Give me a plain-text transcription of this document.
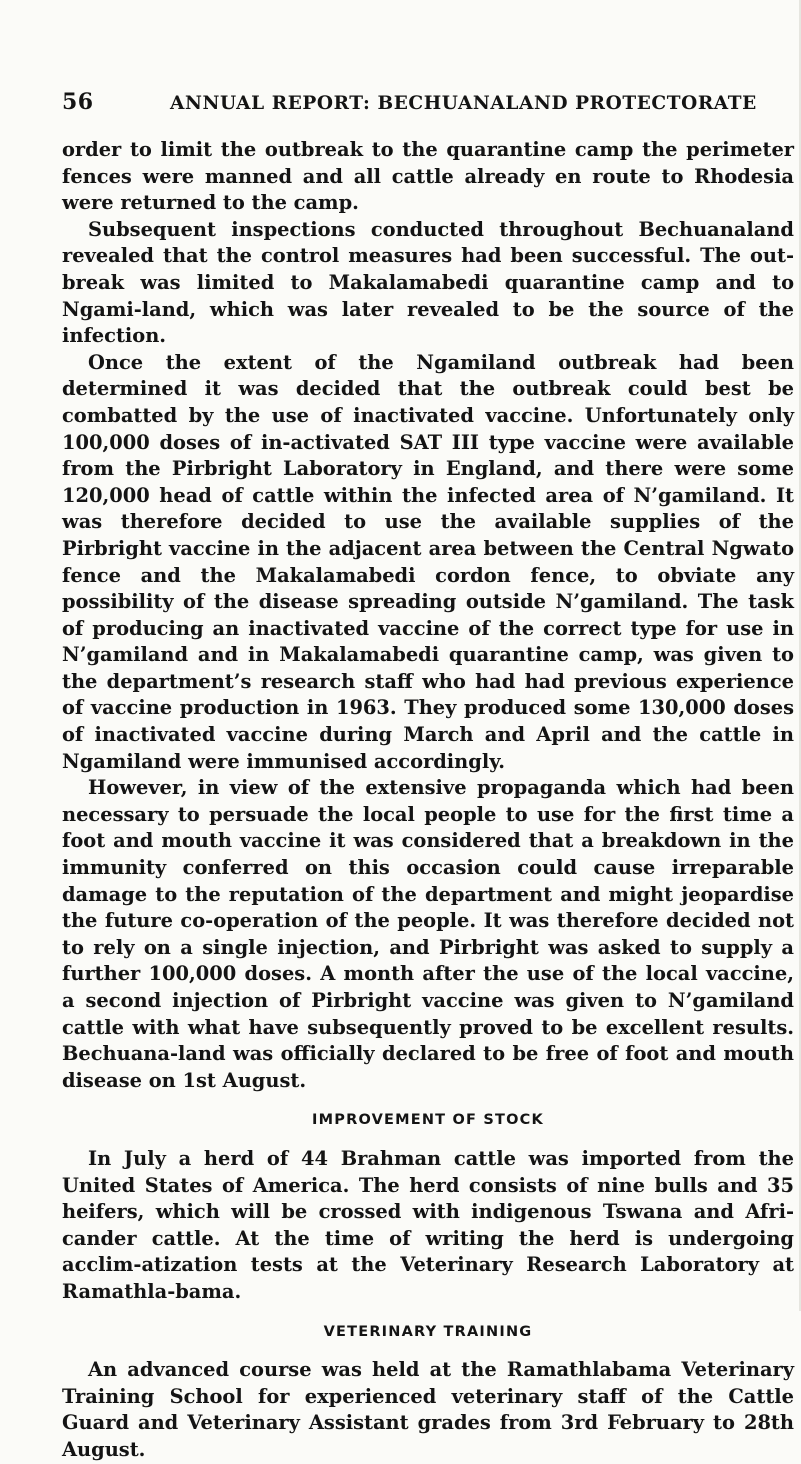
56	ANNUAL REPORT: BECHUANALAND PROTECTORATE

order to limit the outbreak to the quarantine camp the perimeter fences were manned and all cattle already en route to Rhodesia were returned to the camp.

Subsequent inspections conducted throughout Bechuanaland revealed that the control measures had been successful. The out-break was limited to Makalamabedi quarantine camp and to Ngami-land, which was later revealed to be the source of the infection.

Once the extent of the Ngamiland outbreak had been determined it was decided that the outbreak could best be combatted by the use of inactivated vaccine. Unfortunately only 100,000 doses of in-activated SAT III type vaccine were available from the Pirbright Laboratory in England, and there were some 120,000 head of cattle within the infected area of N’gamiland. It was therefore decided to use the available supplies of the Pirbright vaccine in the adjacent area between the Central Ngwato fence and the Makalamabedi cordon fence, to obviate any possibility of the disease spreading outside N’gamiland. The task of producing an inactivated vaccine of the correct type for use in N’gamiland and in Makalamabedi quarantine camp, was given to the department’s research staff who had had previous experience of vaccine production in 1963. They produced some 130,000 doses of inactivated vaccine during March and April and the cattle in Ngamiland were immunised accordingly.

However, in view of the extensive propaganda which had been necessary to persuade the local people to use for the first time a foot and mouth vaccine it was considered that a breakdown in the immunity conferred on this occasion could cause irreparable damage to the reputation of the department and might jeopardise the future co-operation of the people. It was therefore decided not to rely on a single injection, and Pirbright was asked to supply a further 100,000 doses. A month after the use of the local vaccine, a second injection of Pirbright vaccine was given to N’gamiland cattle with what have subsequently proved to be excellent results. Bechuana-land was officially declared to be free of foot and mouth disease on 1st August.

IMPROVEMENT OF STOCK

In July a herd of 44 Brahman cattle was imported from the United States of America. The herd consists of nine bulls and 35 heifers, which will be crossed with indigenous Tswana and Afri-cander cattle. At the time of writing the herd is undergoing acclim-atization tests at the Veterinary Research Laboratory at Ramathla-bama.

VETERINARY TRAINING

An advanced course was held at the Ramathlabama Veterinary Training School for experienced veterinary staff of the Cattle Guard and Veterinary Assistant grades from 3rd February to 28th August.
